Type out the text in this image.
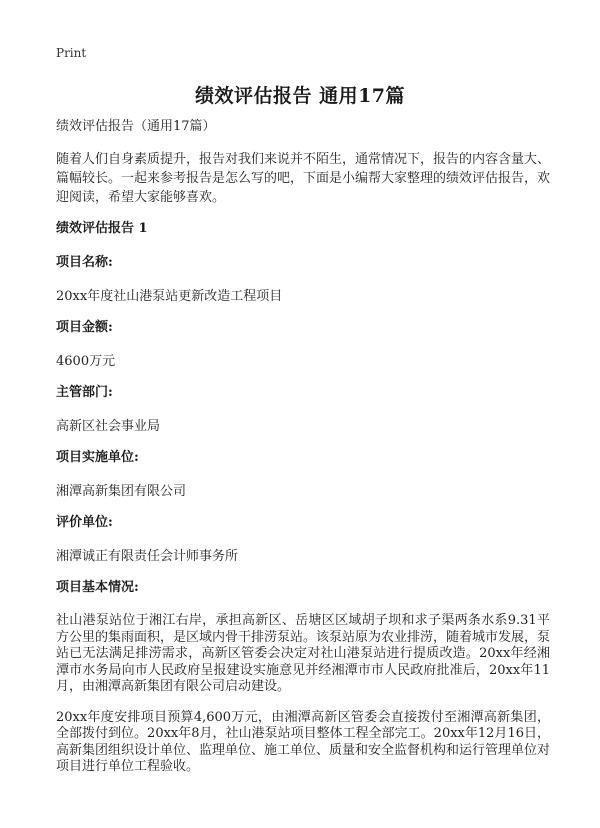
Print
绩效评估报告 通用17篇
绩效评估报告（通用17篇）
随着人们自身素质提升，报告对我们来说并不陌生，通常情况下，报告的内容含量大、篇幅较长。一起来参考报告是怎么写的吧，下面是小编帮大家整理的绩效评估报告，欢迎阅读，希望大家能够喜欢。
绩效评估报告 1
项目名称:
20xx年度社山港泵站更新改造工程项目
项目金额:
4600万元
主管部门:
高新区社会事业局
项目实施单位:
湘潭高新集团有限公司
评价单位:
湘潭诚正有限责任会计师事务所
项目基本情况:
社山港泵站位于湘江右岸，承担高新区、岳塘区区域胡子坝和求子渠两条水系9.31平方公里的集雨面积，是区域内骨干排涝泵站。该泵站原为农业排涝，随着城市发展，泵站已无法满足排涝需求，高新区管委会决定对社山港泵站进行提质改造。20xx年经湘潭市水务局向市人民政府呈报建设实施意见并经湘潭市市人民政府批准后，20xx年11月，由湘潭高新集团有限公司启动建设。
20xx年度安排项目预算4,600万元，由湘潭高新区管委会直接拨付至湘潭高新集团，全部拨付到位。20xx年8月，社山港泵站项目整体工程全部完工。20xx年12月16日，高新集团组织设计单位、监理单位、施工单位、质量和安全监督机构和运行管理单位对项目进行单位工程验收。
